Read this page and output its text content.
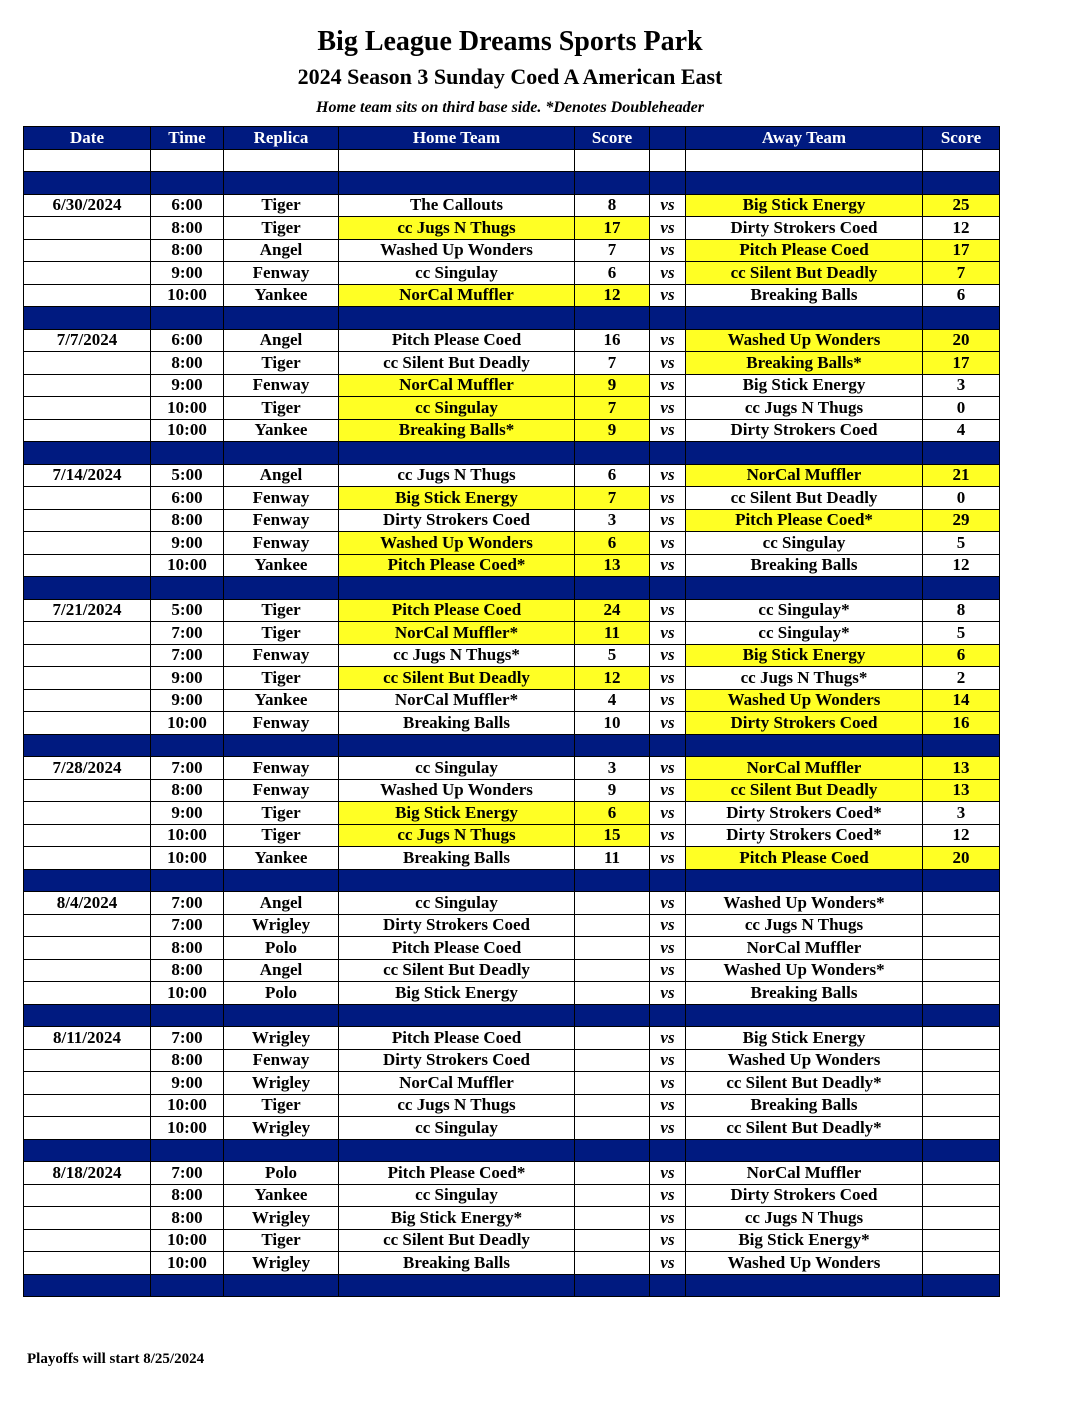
Big League Dreams Sports Park
2024 Season 3 Sunday Coed A American East
Home team sits on third base side. *Denotes Doubleheader
Date	Time	Replica	Home Team	Score		Away Team	Score

6/30/2024	6:00	Tiger	The Callouts	8	vs	Big Stick Energy	25
	8:00	Tiger	cc Jugs N Thugs	17	vs	Dirty Strokers Coed	12
	8:00	Angel	Washed Up Wonders	7	vs	Pitch Please Coed	17
	9:00	Fenway	cc Singulay	6	vs	cc Silent But Deadly	7
	10:00	Yankee	NorCal Muffler	12	vs	Breaking Balls	6

7/7/2024	6:00	Angel	Pitch Please Coed	16	vs	Washed Up Wonders	20
	8:00	Tiger	cc Silent But Deadly	7	vs	Breaking Balls*	17
	9:00	Fenway	NorCal Muffler	9	vs	Big Stick Energy	3
	10:00	Tiger	cc Singulay	7	vs	cc Jugs N Thugs	0
	10:00	Yankee	Breaking Balls*	9	vs	Dirty Strokers Coed	4

7/14/2024	5:00	Angel	cc Jugs N Thugs	6	vs	NorCal Muffler	21
	6:00	Fenway	Big Stick Energy	7	vs	cc Silent But Deadly	0
	8:00	Fenway	Dirty Strokers Coed	3	vs	Pitch Please Coed*	29
	9:00	Fenway	Washed Up Wonders	6	vs	cc Singulay	5
	10:00	Yankee	Pitch Please Coed*	13	vs	Breaking Balls	12

7/21/2024	5:00	Tiger	Pitch Please Coed	24	vs	cc Singulay*	8
	7:00	Tiger	NorCal Muffler*	11	vs	cc Singulay*	5
	7:00	Fenway	cc Jugs N Thugs*	5	vs	Big Stick Energy	6
	9:00	Tiger	cc Silent But Deadly	12	vs	cc Jugs N Thugs*	2
	9:00	Yankee	NorCal Muffler*	4	vs	Washed Up Wonders	14
	10:00	Fenway	Breaking Balls	10	vs	Dirty Strokers Coed	16

7/28/2024	7:00	Fenway	cc Singulay	3	vs	NorCal Muffler	13
	8:00	Fenway	Washed Up Wonders	9	vs	cc Silent But Deadly	13
	9:00	Tiger	Big Stick Energy	6	vs	Dirty Strokers Coed*	3
	10:00	Tiger	cc Jugs N Thugs	15	vs	Dirty Strokers Coed*	12
	10:00	Yankee	Breaking Balls	11	vs	Pitch Please Coed	20

8/4/2024	7:00	Angel	cc Singulay		vs	Washed Up Wonders*	
	7:00	Wrigley	Dirty Strokers Coed		vs	cc Jugs N Thugs	
	8:00	Polo	Pitch Please Coed		vs	NorCal Muffler	
	8:00	Angel	cc Silent But Deadly		vs	Washed Up Wonders*	
	10:00	Polo	Big Stick Energy		vs	Breaking Balls	

8/11/2024	7:00	Wrigley	Pitch Please Coed		vs	Big Stick Energy	
	8:00	Fenway	Dirty Strokers Coed		vs	Washed Up Wonders	
	9:00	Wrigley	NorCal Muffler		vs	cc Silent But Deadly*	
	10:00	Tiger	cc Jugs N Thugs		vs	Breaking Balls	
	10:00	Wrigley	cc Singulay		vs	cc Silent But Deadly*	

8/18/2024	7:00	Polo	Pitch Please Coed*		vs	NorCal Muffler	
	8:00	Yankee	cc Singulay		vs	Dirty Strokers Coed	
	8:00	Wrigley	Big Stick Energy*		vs	cc Jugs N Thugs	
	10:00	Tiger	cc Silent But Deadly		vs	Big Stick Energy*	
	10:00	Wrigley	Breaking Balls		vs	Washed Up Wonders	

Playoffs will start 8/25/2024
